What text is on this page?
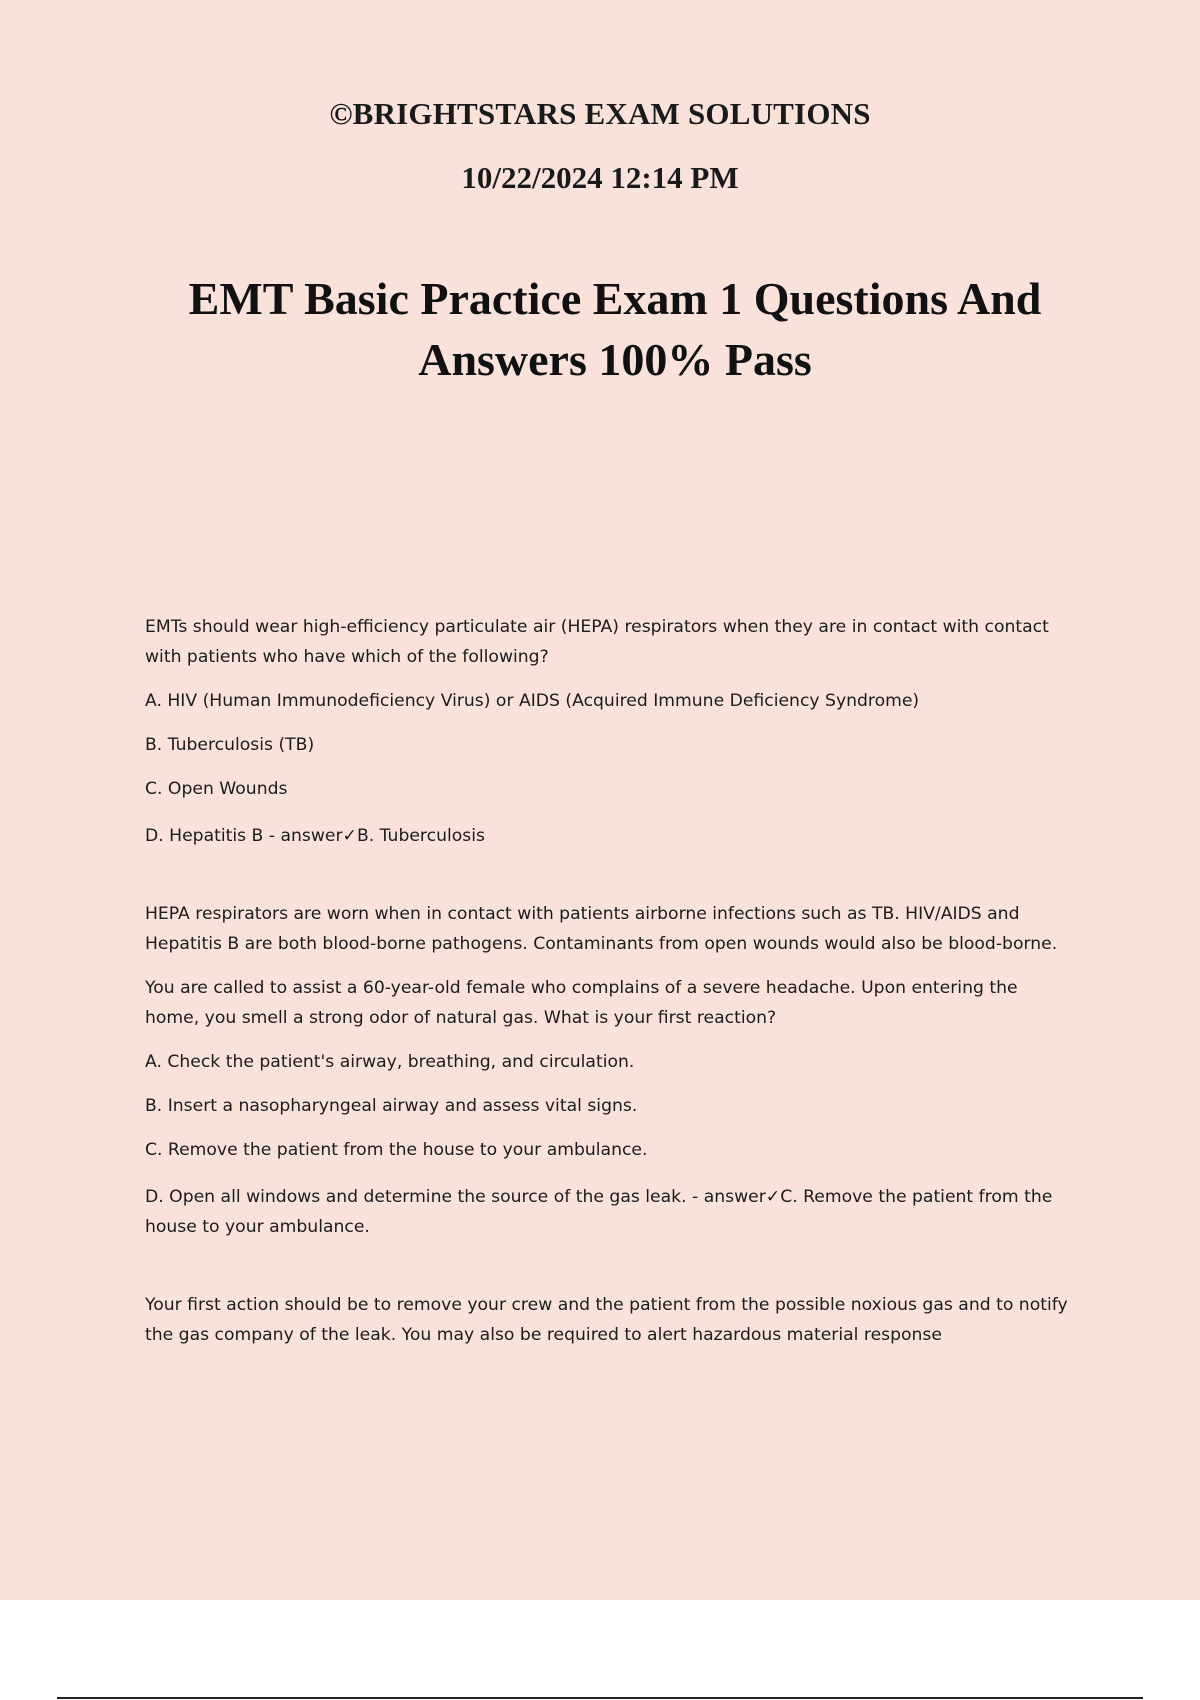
©BRIGHTSTARS EXAM SOLUTIONS
10/22/2024 12:14 PM
EMT Basic Practice Exam 1 Questions And Answers 100% Pass

EMTs should wear high-efficiency particulate air (HEPA) respirators when they are in contact with contact with patients who have which of the following?

A. HIV (Human Immunodeficiency Virus) or AIDS (Acquired Immune Deficiency Syndrome)

B. Tuberculosis (TB)

C. Open Wounds

D. Hepatitis B - answer✓B. Tuberculosis

HEPA respirators are worn when in contact with patients airborne infections such as TB. HIV/AIDS and Hepatitis B are both blood-borne pathogens. Contaminants from open wounds would also be blood-borne.

You are called to assist a 60-year-old female who complains of a severe headache. Upon entering the home, you smell a strong odor of natural gas. What is your first reaction?

A. Check the patient's airway, breathing, and circulation.

B. Insert a nasopharyngeal airway and assess vital signs.

C. Remove the patient from the house to your ambulance.

D. Open all windows and determine the source of the gas leak. - answer✓C. Remove the patient from the house to your ambulance.

Your first action should be to remove your crew and the patient from the possible noxious gas and to notify the gas company of the leak. You may also be required to alert hazardous material response
